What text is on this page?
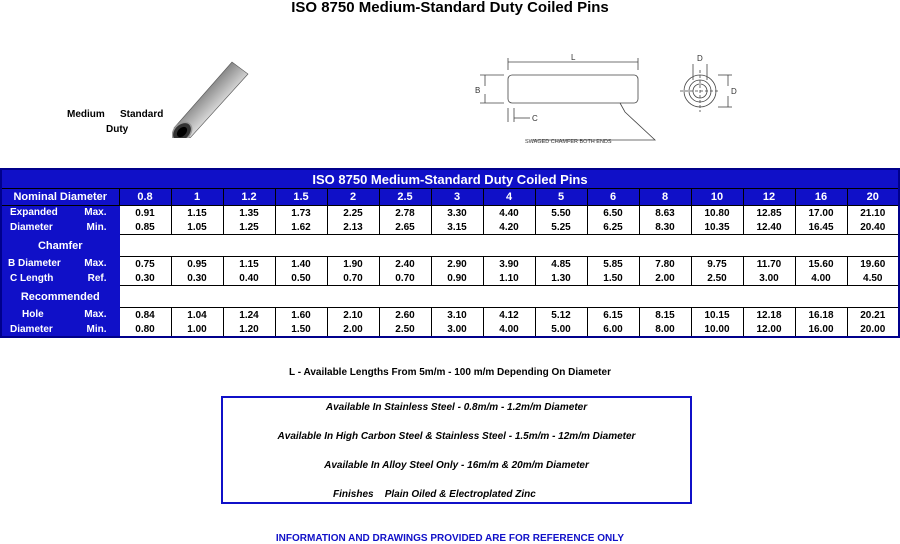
ISO 8750 Medium-Standard Duty Coiled Pins
Medium Standard
Duty
L
B
C
SWAGED CHAMFER BOTH ENDS
D
D
ISO 8750 Medium-Standard Duty Coiled Pins																
Nominal Diameter		0.8	1	1.2	1.5	2	2.5	3	4	5	6	8	10	12	16	20
Expanded	Max.	0.91	1.15	1.35	1.73	2.25	2.78	3.30	4.40	5.50	6.50	8.63	10.80	12.85	17.00	21.10
Diameter	Min.	0.85	1.05	1.25	1.62	2.13	2.65	3.15	4.20	5.25	6.25	8.30	10.35	12.40	16.45	20.40
Chamfer																
B Diameter	Max.	0.75	0.95	1.15	1.40	1.90	2.40	2.90	3.90	4.85	5.85	7.80	9.75	11.70	15.60	19.60
C Length	Ref.	0.30	0.30	0.40	0.50	0.70	0.70	0.90	1.10	1.30	1.50	2.00	2.50	3.00	4.00	4.50
Recommended																
Hole	Max.	0.84	1.04	1.24	1.60	2.10	2.60	3.10	4.12	5.12	6.15	8.15	10.15	12.18	16.18	20.21
Diameter	Min.	0.80	1.00	1.20	1.50	2.00	2.50	3.00	4.00	5.00	6.00	8.00	10.00	12.00	16.00	20.00
L - Available Lengths From 5m/m - 100 m/m Depending On Diameter
Available In Stainless Steel - 0.8m/m - 1.2m/m Diameter
Available In High Carbon Steel & Stainless Steel - 1.5m/m - 12m/m Diameter
Available In Alloy Steel Only - 16m/m & 20m/m Diameter
Finishes Plain Oiled & Electroplated Zinc
INFORMATION AND DRAWINGS PROVIDED ARE FOR REFERENCE ONLY
